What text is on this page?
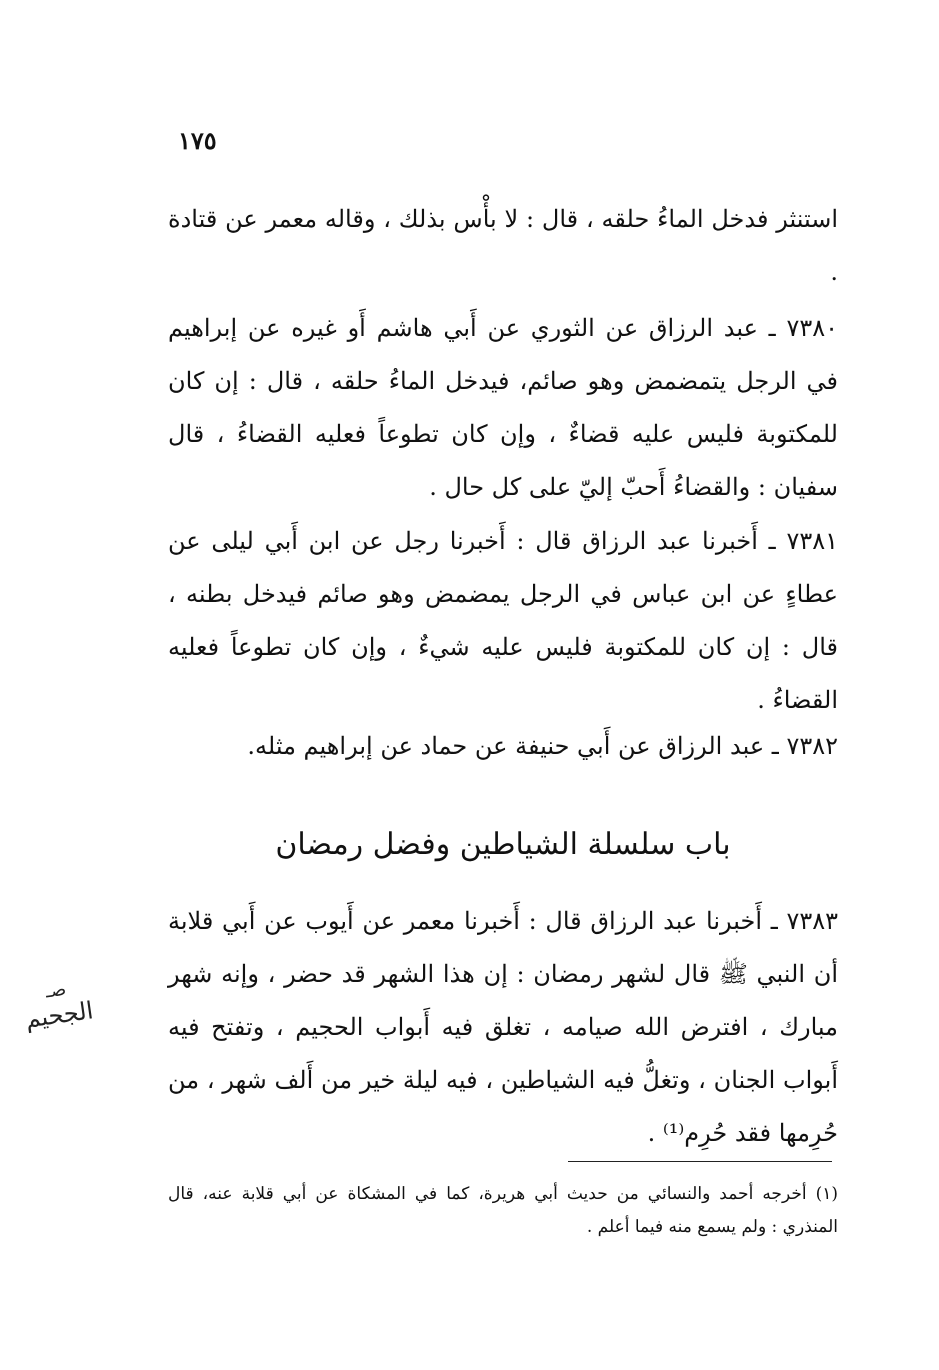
١٧٥
استنثر فدخل الماءُ حلقه ، قال : لا بأْس بذلك ، وقاله معمر عن قتادة .
٧٣٨٠ ـ عبد الرزاق عن الثوري عن أَبي هاشم أَو غيره عن إبراهيم في الرجل يتمضمض وهو صائم، فيدخل الماءُ حلقه ، قال : إن كان للمكتوبة فليس عليه قضاءٌ ، وإن كان تطوعاً فعليه القضاءُ ، قال سفيان : والقضاءُ أَحبّ إليّ على كل حال .
٧٣٨١ ـ أَخبرنا عبد الرزاق قال : أَخبرنا رجل عن ابن أَبي ليلى عن عطاءٍ عن ابن عباس في الرجل يمضمض وهو صائم فيدخل بطنه ، قال : إن كان للمكتوبة فليس عليه شيءٌ ، وإن كان تطوعاً فعليه القضاءُ .
٧٣٨٢ ـ عبد الرزاق عن أَبي حنيفة عن حماد عن إبراهيم مثله.
باب سلسلة الشياطين وفضل رمضان
٧٣٨٣ ـ أَخبرنا عبد الرزاق قال : أَخبرنا معمر عن أَيوب عن أَبي قلابة أن النبي ﷺ قال لشهر رمضان : إن هذا الشهر قد حضر ، وإنه شهر مبارك ، افترض الله صيامه ، تغلق فيه أَبواب الحجيم ، وتفتح فيه أَبواب الجنان ، وتغلُّ فيه الشياطين ، فيه ليلة خير من أَلف شهر ، من حُرِمها فقد حُرِم⁽¹⁾ .
(١) أخرجه أحمد والنسائي من حديث أبي هريرة، كما في المشكاة عن أبي قلابة عنه، قال المنذري : ولم يسمع منه فيما أعلم .
صـ
الجحيم
